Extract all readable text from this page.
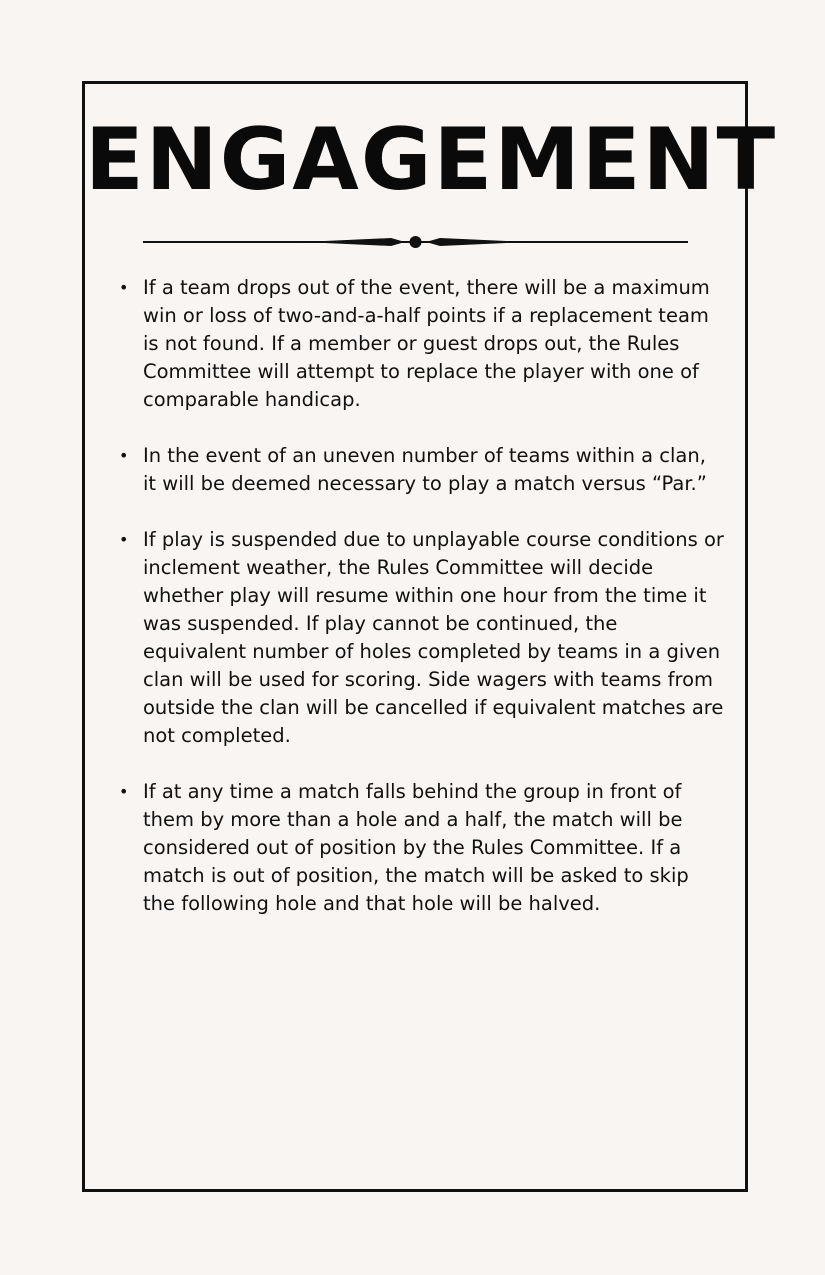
ENGAGEMENT
• If a team drops out of the event, there will be a maximum win or loss of two-and-a-half points if a replacement team is not found. If a member or guest drops out, the Rules Committee will attempt to replace the player with one of comparable handicap.
• In the event of an uneven number of teams within a clan, it will be deemed necessary to play a match versus “Par.”
• If play is suspended due to unplayable course conditions or inclement weather, the Rules Committee will decide whether play will resume within one hour from the time it was suspended. If play cannot be continued, the equivalent number of holes completed by teams in a given clan will be used for scoring. Side wagers with teams from outside the clan will be cancelled if equivalent matches are not completed.
• If at any time a match falls behind the group in front of them by more than a hole and a half, the match will be considered out of position by the Rules Committee. If a match is out of position, the match will be asked to skip the following hole and that hole will be halved.
